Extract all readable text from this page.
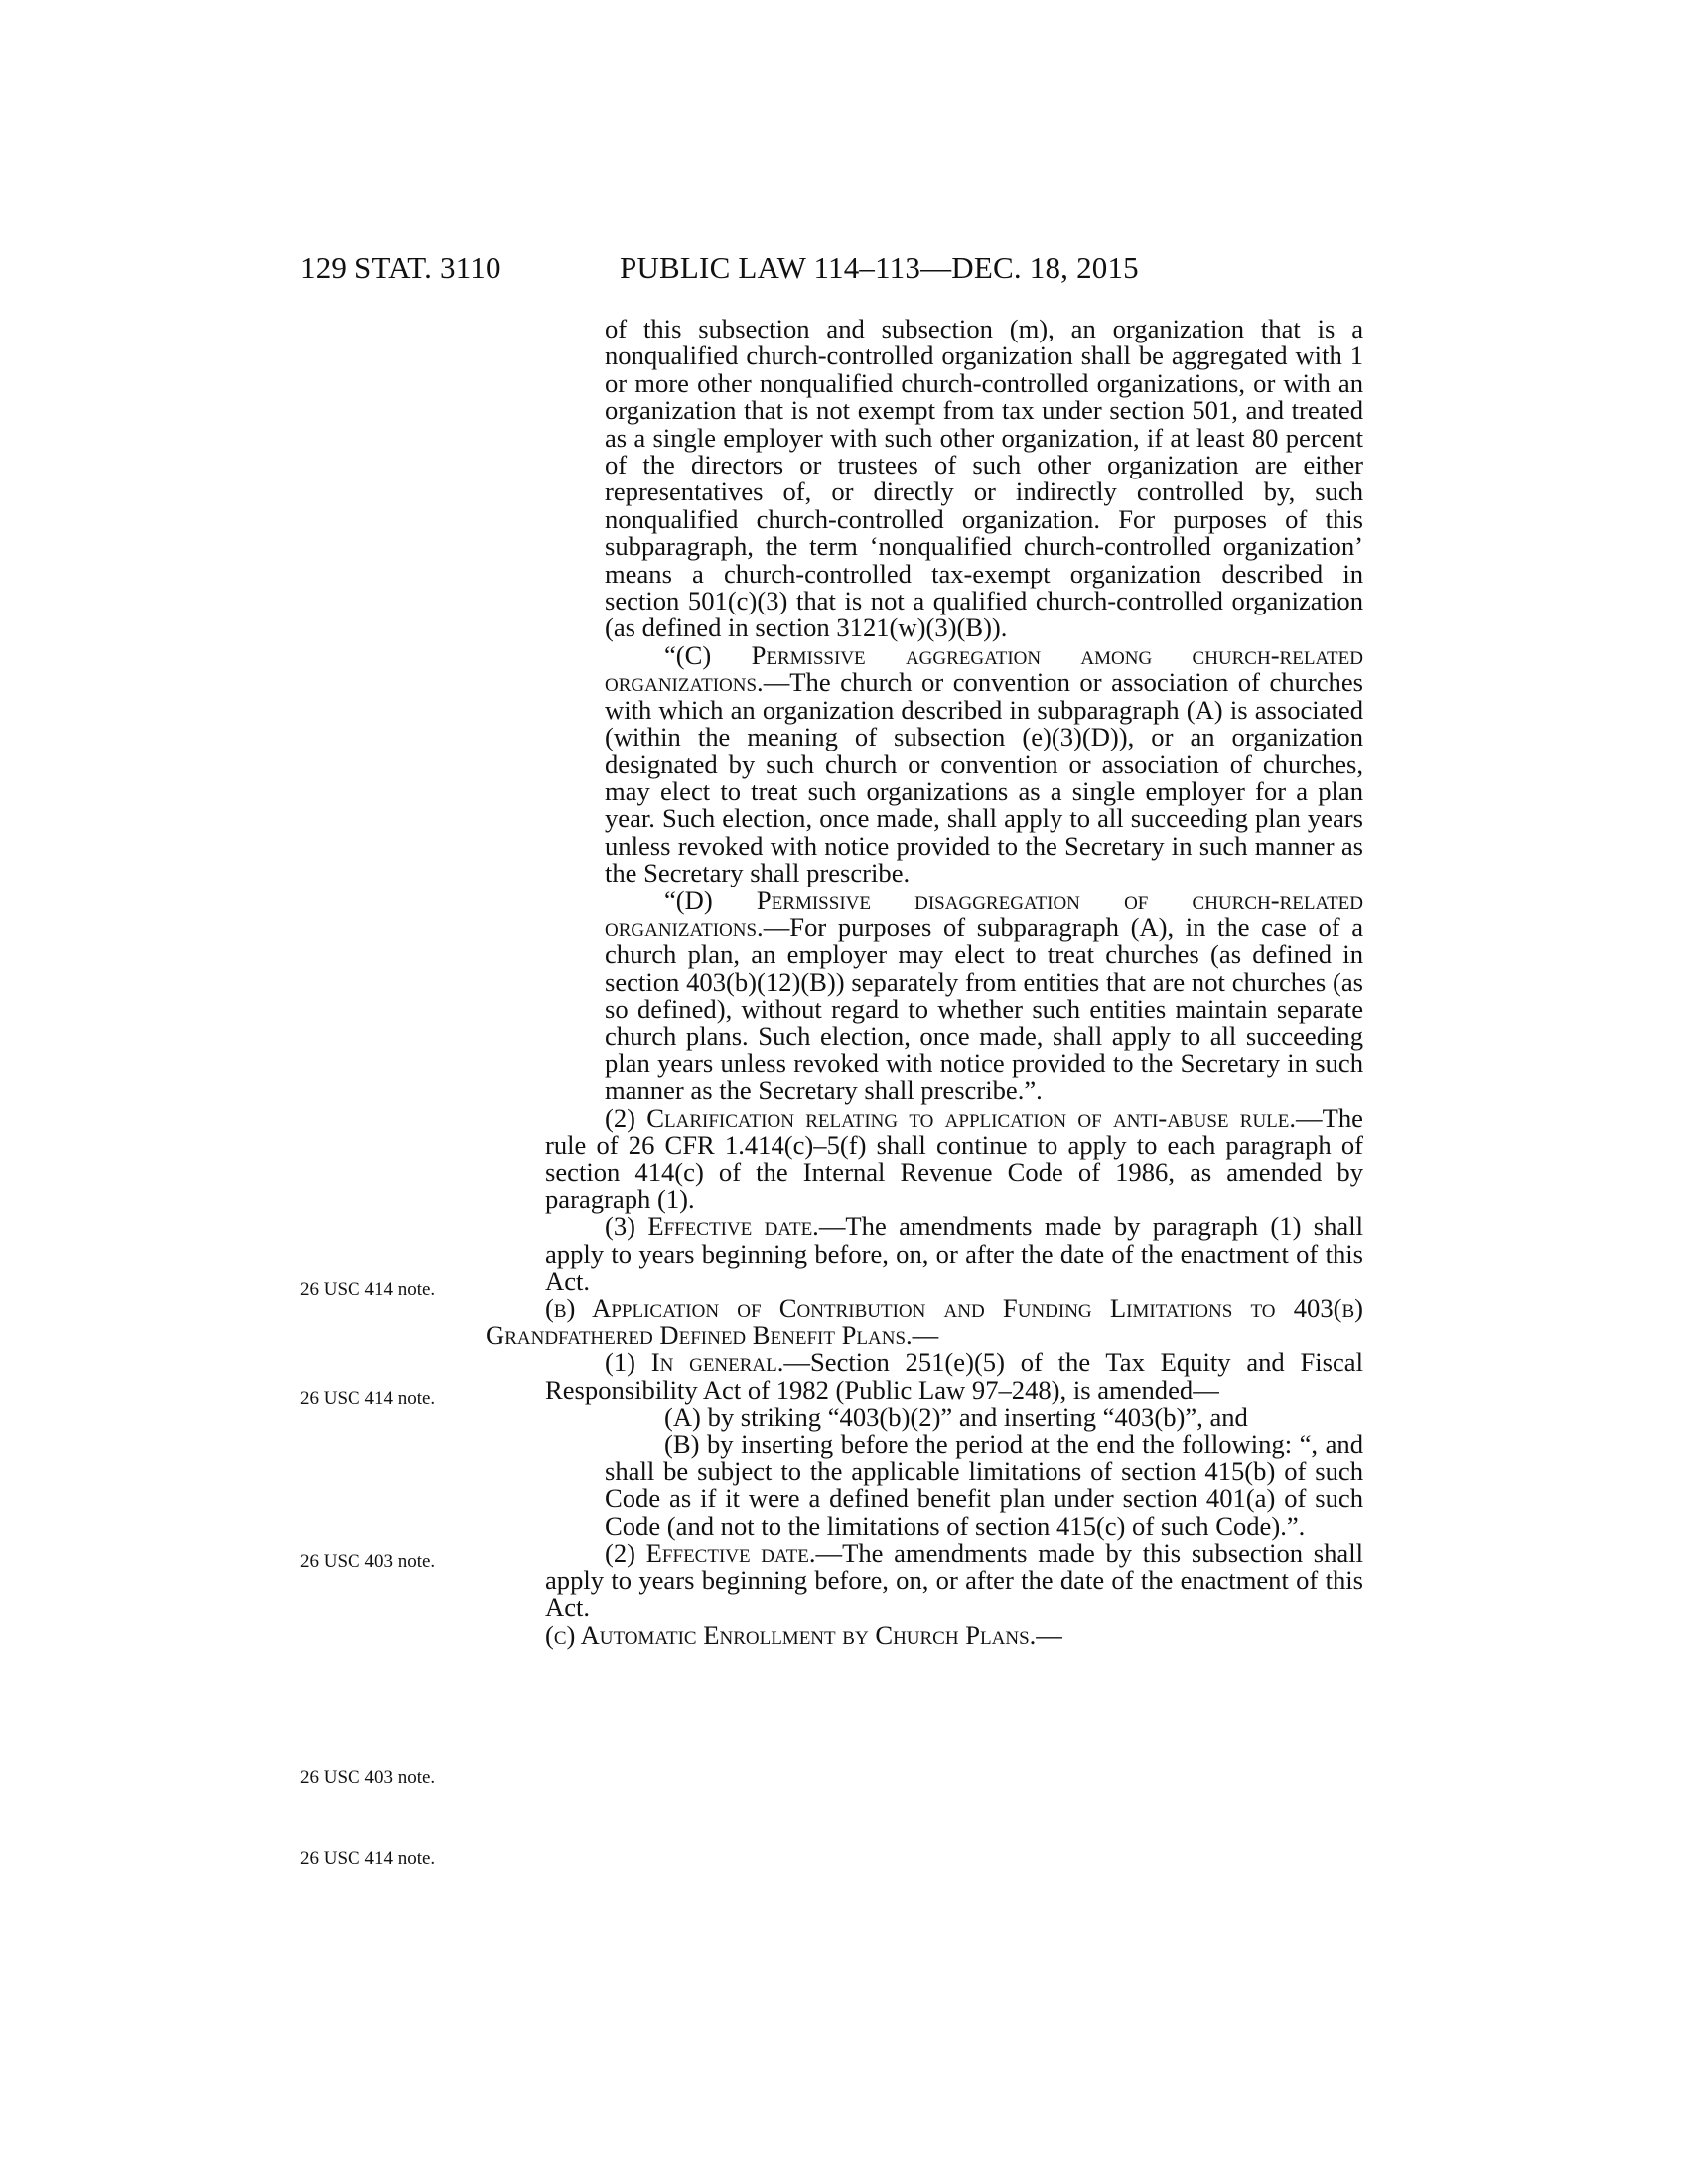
129 STAT. 3110	PUBLIC LAW 114–113—DEC. 18, 2015
26 USC 414 note.
26 USC 414 note.
26 USC 403 note.
26 USC 403 note.
26 USC 414 note.

of this subsection and subsection (m), an organization that is a nonqualified church-controlled organization shall be aggregated with 1 or more other nonqualified church-controlled organizations, or with an organization that is not exempt from tax under section 501, and treated as a single employer with such other organization, if at least 80 percent of the directors or trustees of such other organization are either representatives of, or directly or indirectly controlled by, such nonqualified church-controlled organization. For purposes of this subparagraph, the term ‘nonqualified church-controlled organization’ means a church-controlled tax-exempt organization described in section 501(c)(3) that is not a qualified church-controlled organization (as defined in section 3121(w)(3)(B)).

“(C) Permissive aggregation among church-related organizations.—The church or convention or association of churches with which an organization described in subparagraph (A) is associated (within the meaning of subsection (e)(3)(D)), or an organization designated by such church or convention or association of churches, may elect to treat such organizations as a single employer for a plan year. Such election, once made, shall apply to all succeeding plan years unless revoked with notice provided to the Secretary in such manner as the Secretary shall prescribe.

“(D) Permissive disaggregation of church-related organizations.—For purposes of subparagraph (A), in the case of a church plan, an employer may elect to treat churches (as defined in section 403(b)(12)(B)) separately from entities that are not churches (as so defined), without regard to whether such entities maintain separate church plans. Such election, once made, shall apply to all succeeding plan years unless revoked with notice provided to the Secretary in such manner as the Secretary shall prescribe.”.

(2) Clarification relating to application of anti-abuse rule.—The rule of 26 CFR 1.414(c)–5(f) shall continue to apply to each paragraph of section 414(c) of the Internal Revenue Code of 1986, as amended by paragraph (1).

(3) Effective date.—The amendments made by paragraph (1) shall apply to years beginning before, on, or after the date of the enactment of this Act.

(b) Application of Contribution and Funding Limitations to 403(b) Grandfathered Defined Benefit Plans.—

(1) In general.—Section 251(e)(5) of the Tax Equity and Fiscal Responsibility Act of 1982 (Public Law 97–248), is amended—

(A) by striking “403(b)(2)” and inserting “403(b)”, and

(B) by inserting before the period at the end the following: “, and shall be subject to the applicable limitations of section 415(b) of such Code as if it were a defined benefit plan under section 401(a) of such Code (and not to the limitations of section 415(c) of such Code).”.

(2) Effective date.—The amendments made by this subsection shall apply to years beginning before, on, or after the date of the enactment of this Act.

(c) Automatic Enrollment by Church Plans.—
